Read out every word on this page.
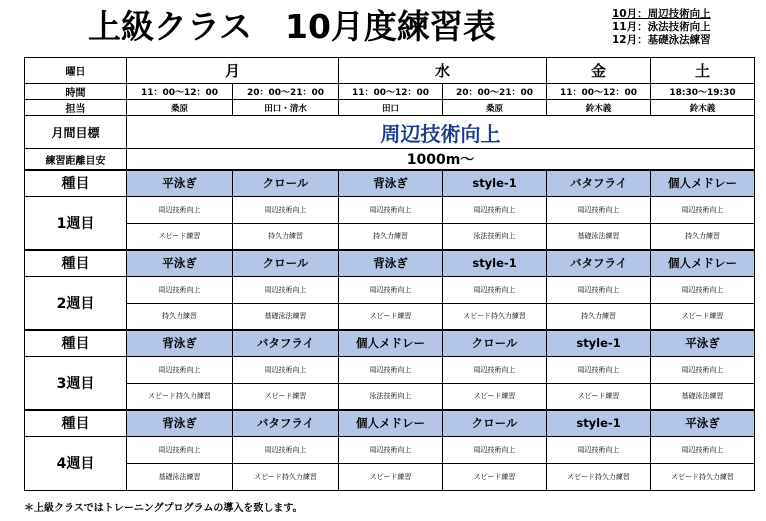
上級クラス　10月度練習表	10月：周辺技術向上
11月：泳法技術向上
12月：基礎泳法練習
曜日	月		水		金	土
時間	11：00〜12：00	20：00〜21：00	11：00〜12：00	20：00〜21：00	11：00〜12：00	18:30〜19:30
担当	桑原	田口・清水	田口	桑原	鈴木義	鈴木義
月間目標	周辺技術向上					
練習距離目安	1000m〜					
種目	平泳ぎ	クロール	背泳ぎ	style-1	バタフライ	個人メドレー
1週目	周辺技術向上	周辺技術向上	周辺技術向上	周辺技術向上	周辺技術向上	周辺技術向上
	スピード練習	持久力練習	持久力練習	泳法技術向上	基礎泳法練習	持久力練習
種目	平泳ぎ	クロール	背泳ぎ	style-1	バタフライ	個人メドレー
2週目	周辺技術向上	周辺技術向上	周辺技術向上	周辺技術向上	周辺技術向上	周辺技術向上
	持久力練習	基礎泳法練習	スピード練習	スピード持久力練習	持久力練習	スピード練習
種目	背泳ぎ	バタフライ	個人メドレー	クロール	style-1	平泳ぎ
3週目	周辺技術向上	周辺技術向上	周辺技術向上	周辺技術向上	周辺技術向上	周辺技術向上
	スピード持久力練習	スピード練習	泳法技術向上	スピード練習	スピード練習	基礎泳法練習
種目	背泳ぎ	バタフライ	個人メドレー	クロール	style-1	平泳ぎ
4週目	周辺技術向上	周辺技術向上	周辺技術向上	周辺技術向上	周辺技術向上	周辺技術向上
	基礎泳法練習	スピード持久力練習	スピード練習	スピード練習	スピード持久力練習	スピード持久力練習
＊上級クラスではトレーニングプログラムの導入を致します。
